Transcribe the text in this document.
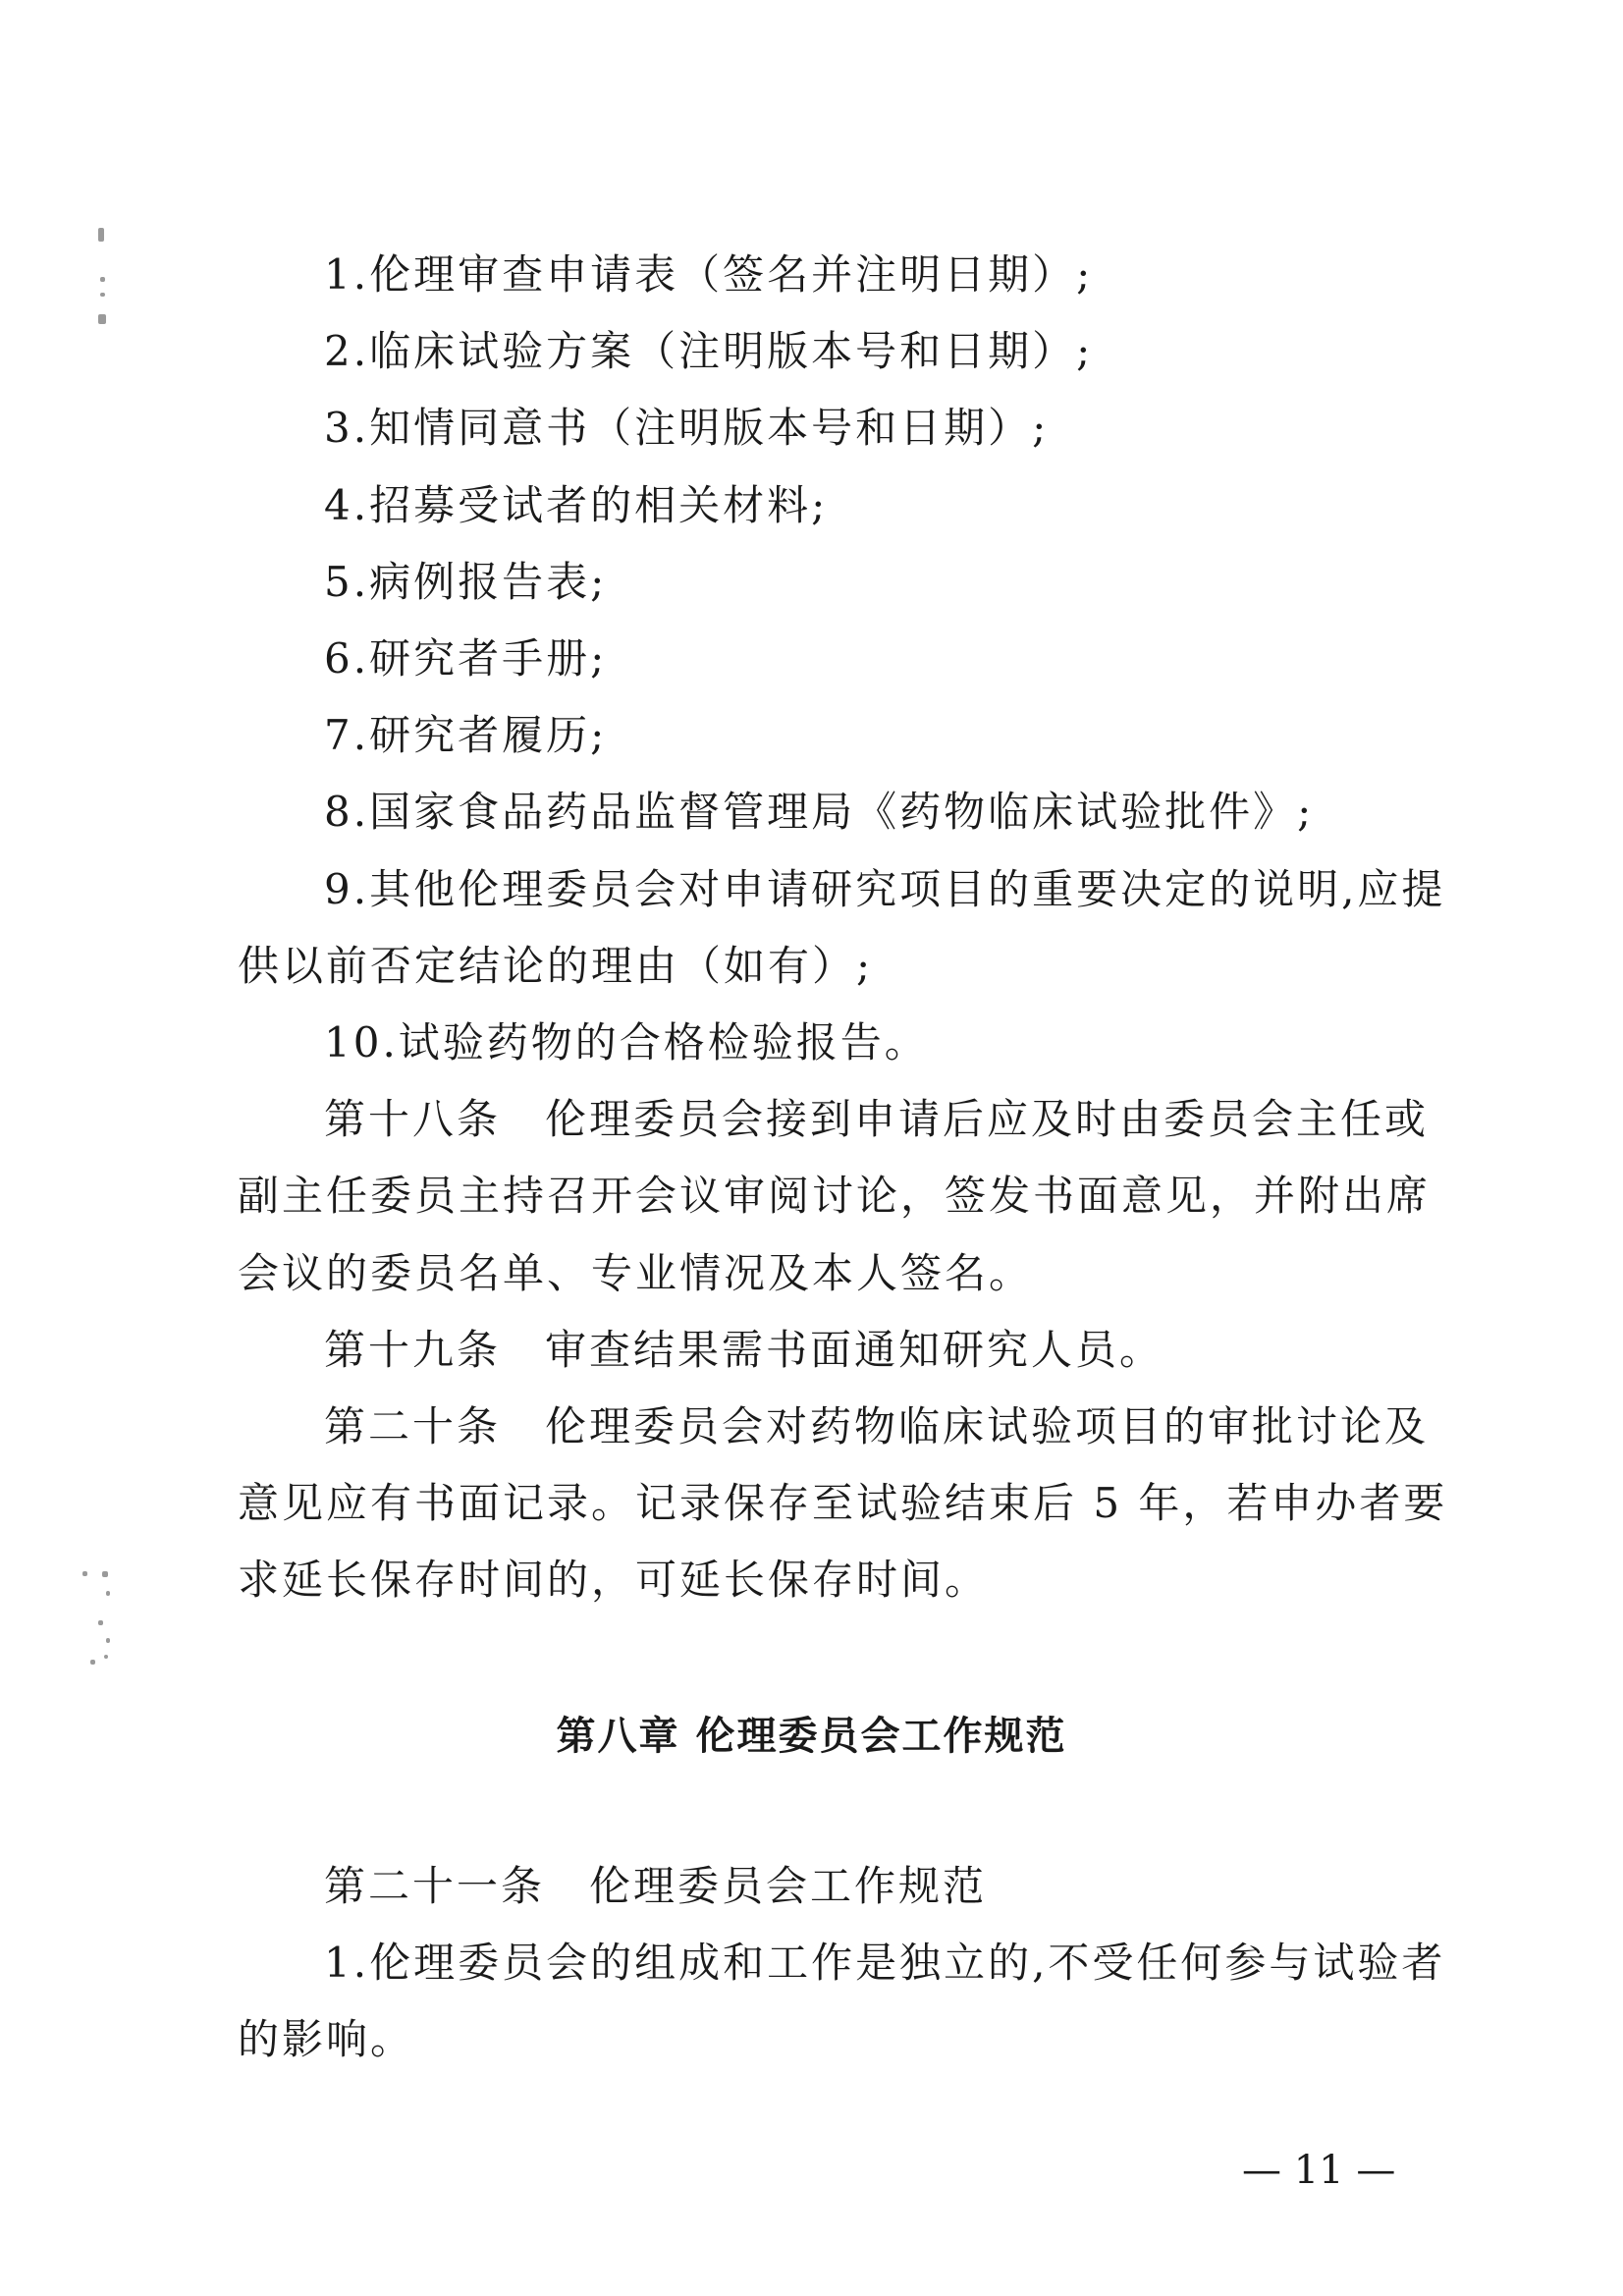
1.伦理审查申请表（签名并注明日期）;
2.临床试验方案（注明版本号和日期）;
3.知情同意书（注明版本号和日期）;
4.招募受试者的相关材料;
5.病例报告表;
6.研究者手册;
7.研究者履历;
8.国家食品药品监督管理局《药物临床试验批件》;
9.其他伦理委员会对申请研究项目的重要决定的说明,应提
供以前否定结论的理由（如有）;
10.试验药物的合格检验报告。
第十八条　伦理委员会接到申请后应及时由委员会主任或
副主任委员主持召开会议审阅讨论，签发书面意见，并附出席
会议的委员名单、专业情况及本人签名。
第十九条　审查结果需书面通知研究人员。
第二十条　伦理委员会对药物临床试验项目的审批讨论及
意见应有书面记录。记录保存至试验结束后 5 年，若申办者要
求延长保存时间的，可延长保存时间。
第八章 伦理委员会工作规范
第二十一条　伦理委员会工作规范
1.伦理委员会的组成和工作是独立的,不受任何参与试验者
的影响。
— 11 —
